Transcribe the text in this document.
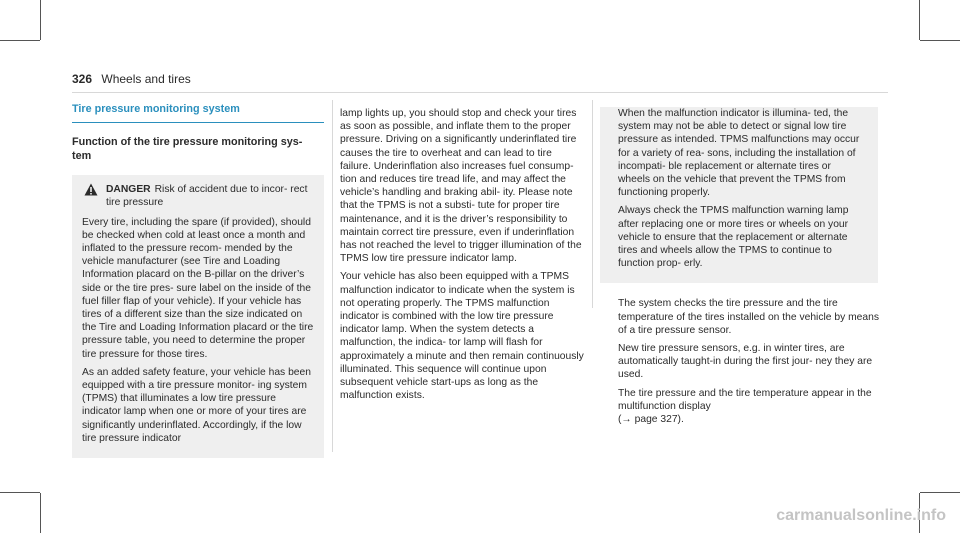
326 Wheels and tires
Tire pressure monitoring system
Function of the tire pressure monitoring sys- tem
DANGER Risk of accident due to incor- rect tire pressure

Every tire, including the spare (if provided), should be checked when cold at least once a month and inflated to the pressure recom- mended by the vehicle manufacturer (see Tire and Loading Information placard on the B-pillar on the driver’s side or the tire pres- sure label on the inside of the fuel filler flap of your vehicle). If your vehicle has tires of a different size than the size indicated on the Tire and Loading Information placard or the tire pressure table, you need to determine the proper tire pressure for those tires.

As an added safety feature, your vehicle has been equipped with a tire pressure monitor- ing system (TPMS) that illuminates a low tire pressure indicator lamp when one or more of your tires are significantly underinflated. Accordingly, if the low tire pressure indicator

lamp lights up, you should stop and check your tires as soon as possible, and inflate them to the proper pressure. Driving on a significantly underinflated tire causes the tire to overheat and can lead to tire failure. Underinflation also increases fuel consump- tion and reduces tire tread life, and may affect the vehicle’s handling and braking abil- ity. Please note that the TPMS is not a substi- tute for proper tire maintenance, and it is the driver’s responsibility to maintain correct tire pressure, even if underinflation has not reached the level to trigger illumination of the TPMS low tire pressure indicator lamp.

Your vehicle has also been equipped with a TPMS malfunction indicator to indicate when the system is not operating properly. The TPMS malfunction indicator is combined with the low tire pressure indicator lamp. When the system detects a malfunction, the indica- tor lamp will flash for approximately a minute and then remain continuously illuminated. This sequence will continue upon subsequent vehicle start-ups as long as the malfunction exists.

When the malfunction indicator is illumina- ted, the system may not be able to detect or signal low tire pressure as intended. TPMS malfunctions may occur for a variety of rea- sons, including the installation of incompati- ble replacement or alternate tires or wheels on the vehicle that prevent the TPMS from functioning properly.

Always check the TPMS malfunction warning lamp after replacing one or more tires or wheels on your vehicle to ensure that the replacement or alternate tires and wheels allow the TPMS to continue to function prop- erly.

The system checks the tire pressure and the tire temperature of the tires installed on the vehicle by means of a tire pressure sensor.

New tire pressure sensors, e.g. in winter tires, are automatically taught-in during the first jour- ney they are used.

The tire pressure and the tire temperature appear in the multifunction display
(→ page 327).

carmanualsonline.info
